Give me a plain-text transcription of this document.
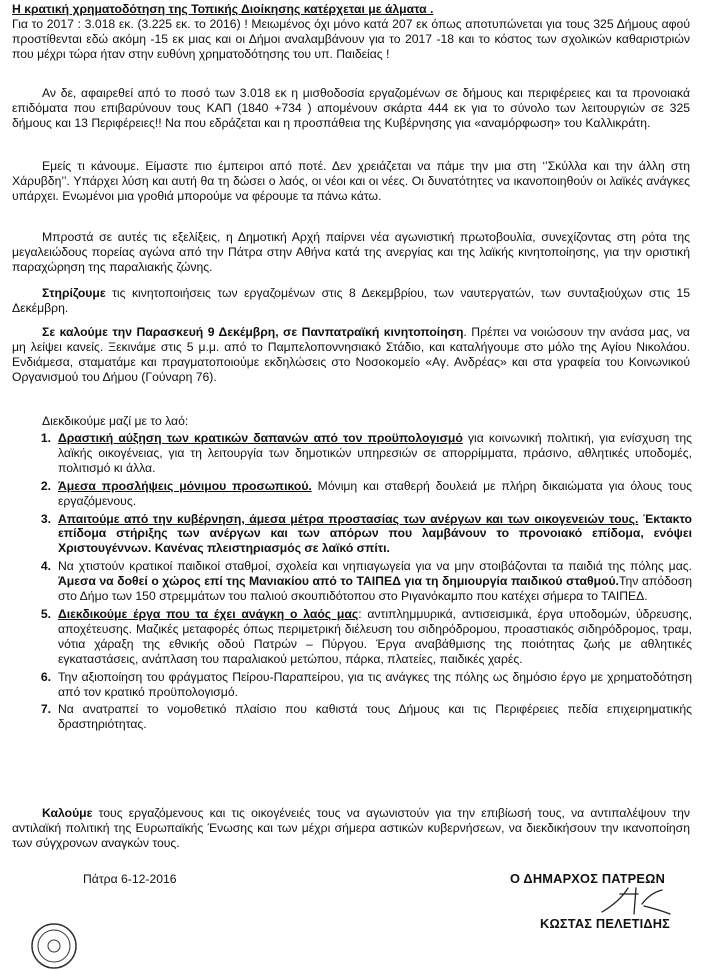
Η κρατική χρηματοδότηση της Τοπικής Διοίκησης κατέρχεται με άλματα .

Για το 2017 : 3.018 εκ. (3.225 εκ. το 2016) ! Μειωμένος όχι μόνο κατά 207 εκ όπως αποτυπώνεται για τους 325 Δήμους αφού προστίθενται εδώ ακόμη -15 εκ μιας και οι Δήμοι αναλαμβάνουν για το 2017 -18 και το κόστος των σχολικών καθαριστριών που μέχρι τώρα ήταν στην ευθύνη χρηματοδότησης του υπ. Παιδείας !

Αν δε, αφαιρεθεί από το ποσό των 3.018 εκ η μισθοδοσία εργαζομένων σε δήμους και περιφέρειες και τα προνοιακά επιδόματα που επιβαρύνουν τους ΚΑΠ (1840 +734 ) απομένουν σκάρτα 444 εκ για το σύνολο των λειτουργιών σε 325 δήμους και 13 Περιφέρειες!! Να που εδράζεται και η προσπάθεια της Κυβέρνησης για «αναμόρφωση» του Καλλικράτη.

Εμείς τι κάνουμε. Είμαστε πιο έμπειροι από ποτέ. Δεν χρειάζεται να πάμε την μια στη ‘’Σκύλλα και την άλλη στη Χάρυβδη’’. Υπάρχει λύση και αυτή θα τη δώσει ο λαός, οι νέοι και οι νέες. Οι δυνατότητες να ικανοποιηθούν οι λαϊκές ανάγκες υπάρχει. Ενωμένοι μια γροθιά μπορούμε να φέρουμε τα πάνω κάτω.

Μπροστά σε αυτές τις εξελίξεις, η Δημοτική Αρχή παίρνει νέα αγωνιστική πρωτοβουλία, συνεχίζοντας στη ρότα της μεγαλειώδους πορείας αγώνα από την Πάτρα στην Αθήνα κατά της ανεργίας και της λαϊκής κινητοποίησης, για την οριστική παραχώρηση της παραλιακής ζώνης.

Στηρίζουμε τις κινητοποιήσεις των εργαζομένων στις 8 Δεκεμβρίου, των ναυτεργατών, των συνταξιούχων στις 15 Δεκέμβρη.

Σε καλούμε την Παρασκευή 9 Δεκέμβρη, σε Πανπατραϊκή κινητοποίηση. Πρέπει να νοιώσουν την ανάσα μας, να μη λείψει κανείς. Ξεκινάμε στις 5 μ.μ. από το Παμπελοποννησιακό Στάδιο, και καταλήγουμε στο μόλο της Αγίου Νικολάου. Ενδιάμεσα, σταματάμε και πραγματοποιούμε εκδηλώσεις στο Νοσοκομείο «Αγ. Ανδρέας» και στα γραφεία του Κοινωνικού Οργανισμού του Δήμου (Γούναρη 76).

Διεκδικούμε μαζί με το λαό:

1. Δραστική αύξηση των κρατικών δαπανών από τον προϋπολογισμό για κοινωνική πολιτική, για ενίσχυση της λαϊκής οικογένειας, για τη λειτουργία των δημοτικών υπηρεσιών σε απορρίμματα, πράσινο, αθλητικές υποδομές, πολιτισμό κι άλλα.
2. Άμεσα προσλήψεις μόνιμου προσωπικού. Μόνιμη και σταθερή δουλειά με πλήρη δικαιώματα για όλους τους εργαζόμενους.
3. Απαιτούμε από την κυβέρνηση, άμεσα μέτρα προστασίας των ανέργων και των οικογενειών τους. Έκτακτο επίδομα στήριξης των ανέργων και των απόρων που λαμβάνουν το προνοιακό επίδομα, ενόψει Χριστουγέννων. Κανένας πλειστηριασμός σε λαϊκό σπίτι.
4. Να χτιστούν κρατικοί παιδικοί σταθμοί, σχολεία και νηπιαγωγεία για να μην στοιβάζονται τα παιδιά της πόλης μας. Άμεσα να δοθεί ο χώρος επί της Μανιακίου από το ΤΑΙΠΕΔ για τη δημιουργία παιδικού σταθμού.Την απόδοση στο Δήμο των 150 στρεμμάτων του παλιού σκουπιδότοπου στο Ριγανόκαμπο που κατέχει σήμερα το ΤΑΙΠΕΔ.
5. Διεκδικούμε έργα που τα έχει ανάγκη ο λαός μας: αντιπλημμυρικά, αντισεισμικά, έργα υποδομών, ύδρευσης, αποχέτευσης. Μαζικές μεταφορές όπως περιμετρική διέλευση του σιδηρόδρομου, προαστιακός σιδηρόδρομος, τραμ, νότια χάραξη της εθνικής οδού Πατρών – Πύργου. Έργα αναβάθμισης της ποιότητας ζωής με αθλητικές εγκαταστάσεις, ανάπλαση του παραλιακού μετώπου, πάρκα, πλατείες, παιδικές χαρές.
6. Την αξιοποίηση του φράγματος Πείρου-Παραπείρου, για τις ανάγκες της πόλης ως δημόσιο έργο με χρηματοδότηση από τον κρατικό προϋπολογισμό.
7. Να ανατραπεί το νομοθετικό πλαίσιο που καθιστά τους Δήμους και τις Περιφέρειες πεδία επιχειρηματικής δραστηριότητας.

Καλούμε τους εργαζόμενους και τις οικογένειές τους να αγωνιστούν για την επιβίωσή τους, να αντιπαλέψουν την αντιλαϊκή πολιτική της Ευρωπαϊκής Ένωσης και των μέχρι σήμερα αστικών κυβερνήσεων, να διεκδικήσουν την ικανοποίηση των σύγχρονων αναγκών τους.

Πάτρα 6-12-2016	Ο ΔΗΜΑΡΧΟΣ ΠΑΤΡΕΩΝ
ΚΩΣΤΑΣ ΠΕΛΕΤΙΔΗΣ
